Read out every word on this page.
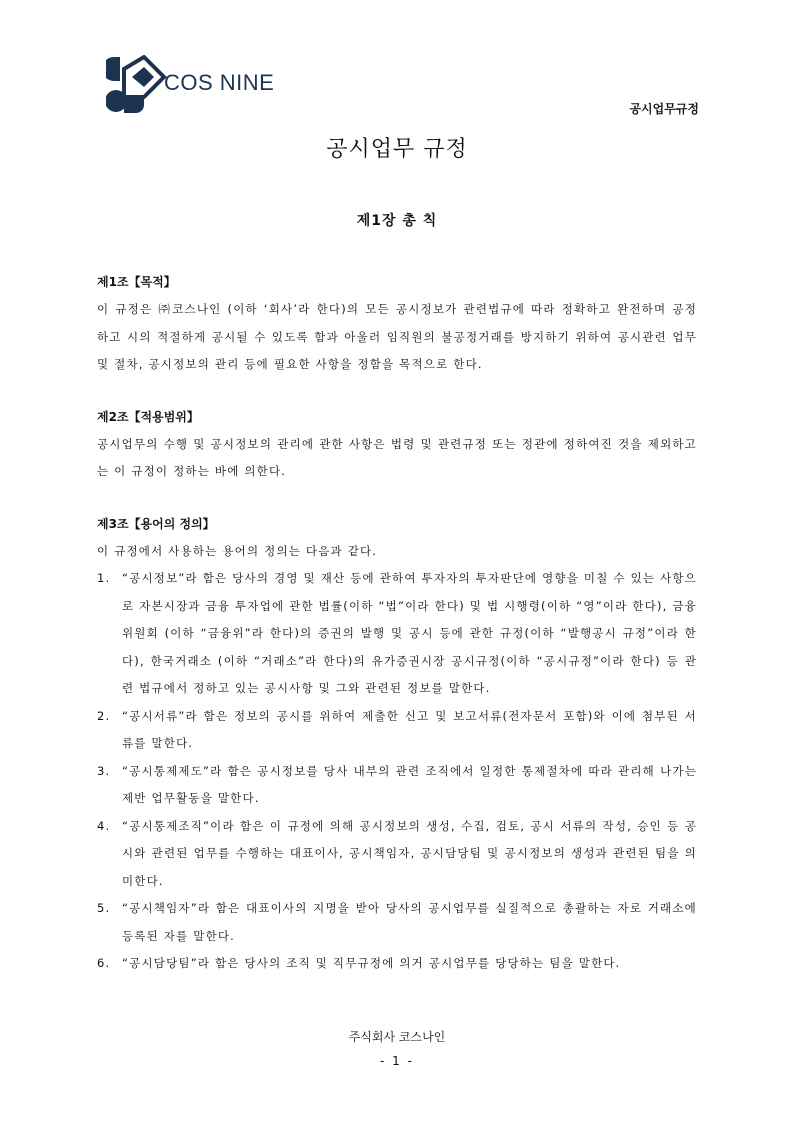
COS NINE
공시업무규정
공시업무 규정
제1장 총 칙

제1조【목적】

이 규정은 ㈜코스나인 (이하 ‘회사’라 한다)의 모든 공시정보가 관련법규에 따라 정확하고 완전하며 공정 하고 시의 적절하게 공시될 수 있도록 함과 아울러 임직원의 불공정거래를 방지하기 위하여 공시관련 업무 및 절차, 공시정보의 관리 등에 필요한 사항을 정함을 목적으로 한다.

제2조【적용범위】

공시업무의 수행 및 공시정보의 관리에 관한 사항은 법령 및 관련규정 또는 정관에 정하여진 것을 제외하고는 이 규정이 정하는 바에 의한다.

제3조【용어의 정의】

이 규정에서 사용하는 용어의 정의는 다음과 같다.

1. “공시정보”라 함은 당사의 경영 및 재산 등에 관하여 투자자의 투자판단에 영향을 미칠 수 있는 사항으로 자본시장과 금융 투자업에 관한 법률(이하 “법”이라 한다) 및 법 시행령(이하 “영”이라 한다), 금융위원회 (이하 “금융위”라 한다)의 증권의 발행 및 공시 등에 관한 규정(이하 “발행공시 규정”이라 한다), 한국거래소 (이하 “거래소”라 한다)의 유가증권시장 공시규정(이하 “공시규정”이라 한다) 등 관련 법규에서 정하고 있는 공시사항 및 그와 관련된 정보를 말한다.
2. “공시서류”라 함은 정보의 공시를 위하여 제출한 신고 및 보고서류(전자문서 포함)와 이에 첨부된 서류를 말한다.
3. “공시통제제도”라 함은 공시정보를 당사 내부의 관련 조직에서 일정한 통제절차에 따라 관리해 나가는 제반 업무활동을 말한다.
4. “공시통제조직”이라 함은 이 규정에 의해 공시정보의 생성, 수집, 검토, 공시 서류의 작성, 승인 등 공시와 관련된 업무를 수행하는 대표이사, 공시책임자, 공시담당팀 및 공시정보의 생성과 관련된 팀을 의미한다.
5. “공시책임자”라 함은 대표이사의 지명을 받아 당사의 공시업무를 실질적으로 총괄하는 자로 거래소에 등록된 자를 말한다.
6. “공시담당팀”라 함은 당사의 조직 및 직무규정에 의거 공시업무를 당당하는 팀을 말한다.
주식회사 코스나인
- 1 -
